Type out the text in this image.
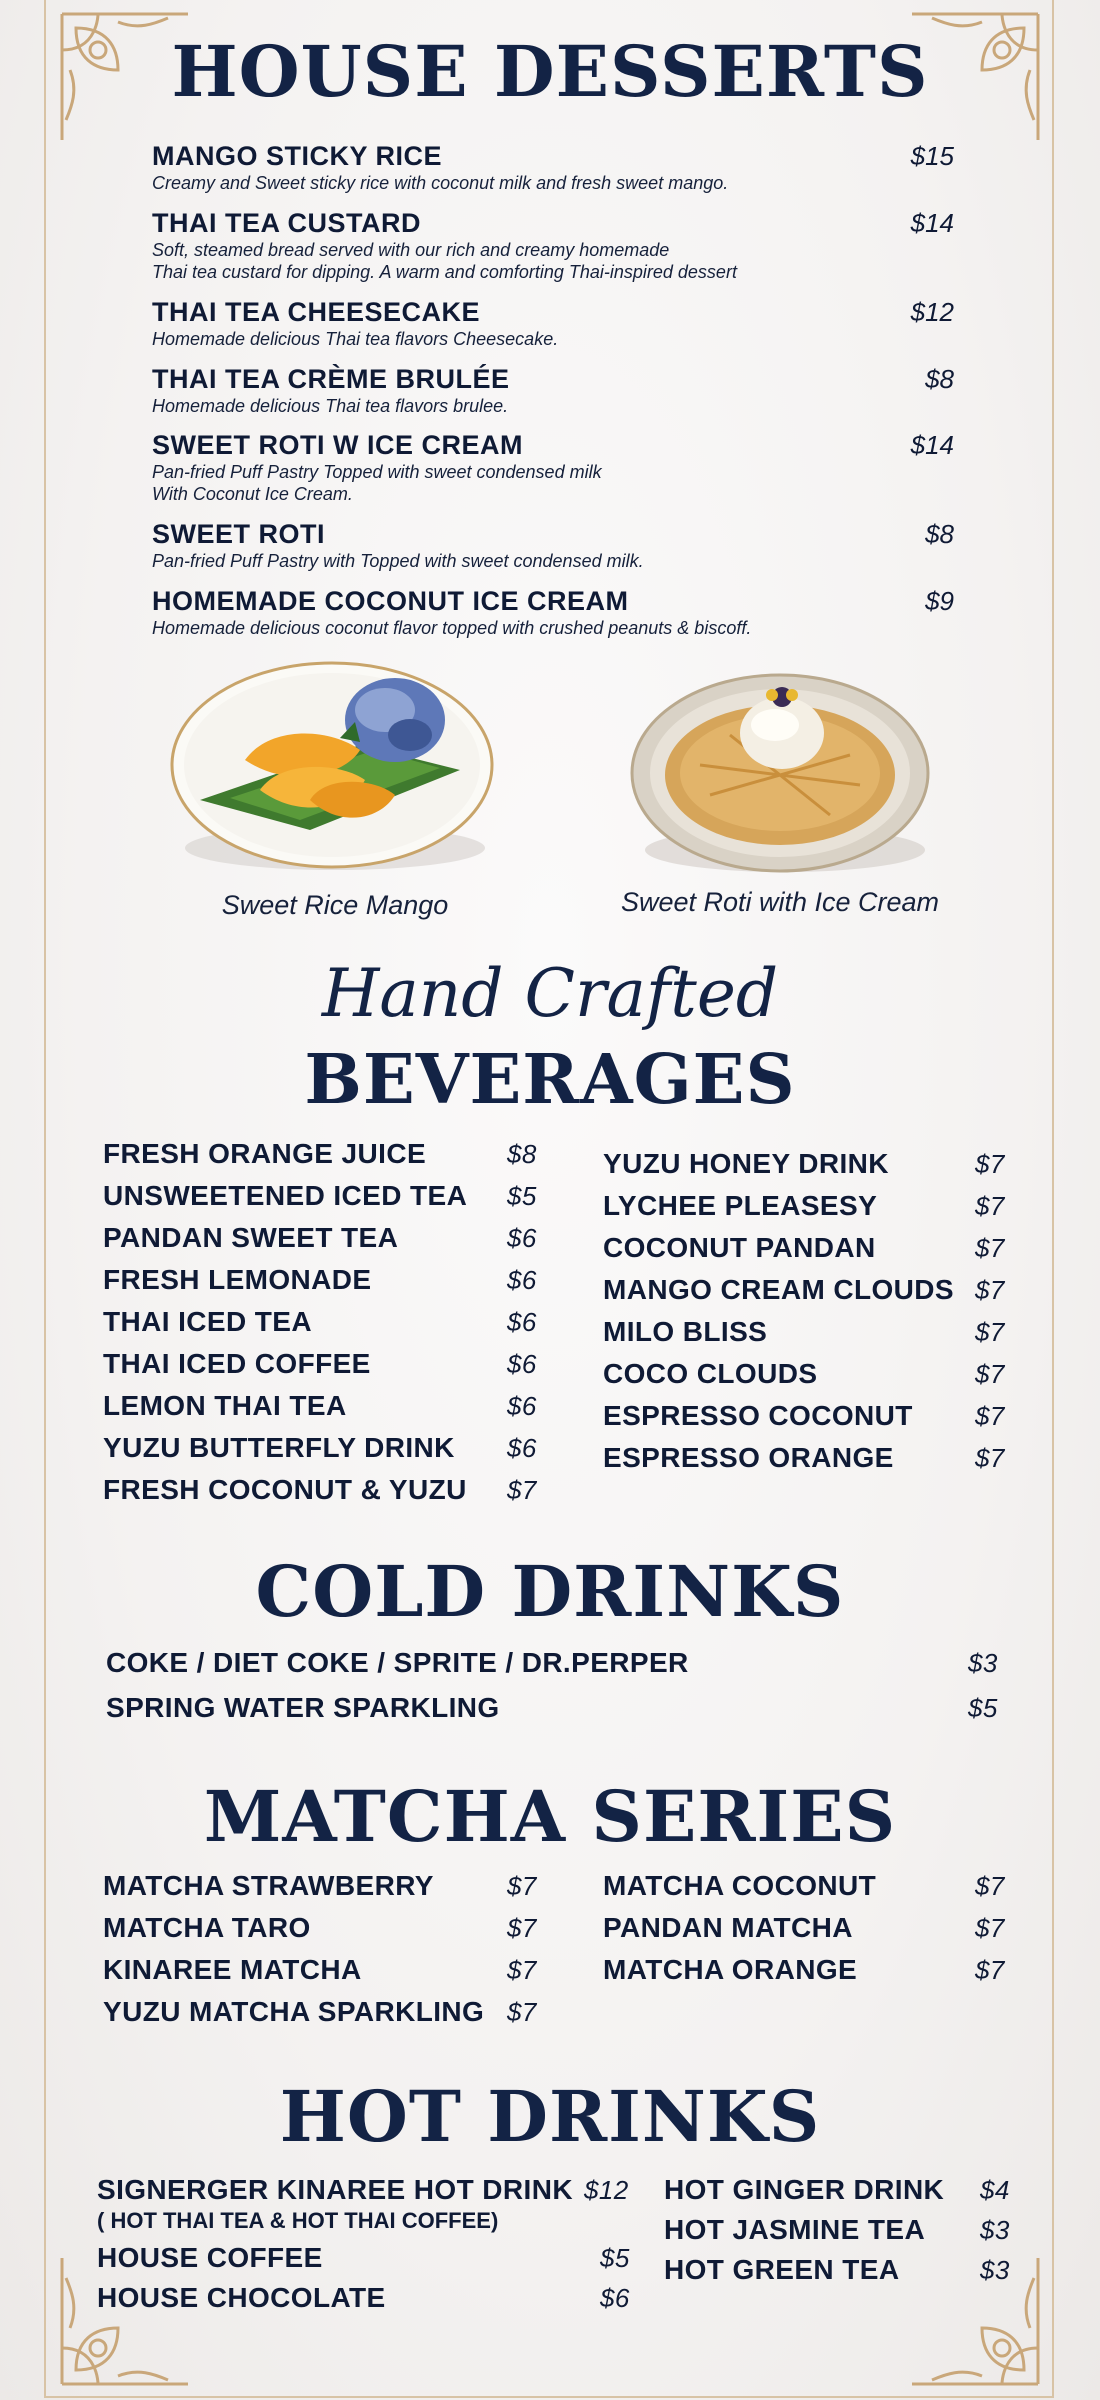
HOUSE DESSERTS
MANGO STICKY RICE	$15
Creamy and Sweet sticky rice with coconut milk and fresh sweet mango.
THAI TEA CUSTARD	$14
Soft, steamed bread served with our rich and creamy homemade
Thai tea custard for dipping. A warm and comforting Thai-inspired dessert
THAI TEA CHEESECAKE	$12
Homemade delicious Thai tea flavors Cheesecake.
THAI TEA CRÈME BRULÉE	$8
Homemade delicious Thai tea flavors brulee.
SWEET ROTI W ICE CREAM	$14
Pan-fried Puff Pastry Topped with sweet condensed milk
With Coconut Ice Cream.
SWEET ROTI	$8
Pan-fried Puff Pastry with Topped with sweet condensed milk.
HOMEMADE COCONUT ICE CREAM	$9
Homemade delicious coconut flavor topped with crushed peanuts & biscoff.
Sweet Rice Mango	Sweet Roti with Ice Cream
Hand Crafted
BEVERAGES
FRESH ORANGE JUICE	$8
UNSWEETENED ICED TEA $5
PANDAN SWEET TEA	$6
FRESH LEMONADE	$6
THAI ICED TEA	$6
THAI ICED COFFEE	$6
LEMON THAI TEA	$6
YUZU BUTTERFLY DRINK $6
FRESH COCONUT & YUZU $7
YUZU HONEY DRINK	$7
LYCHEE PLEASESY	$7
COCONUT PANDAN	$7
MANGO CREAM CLOUDS $7
MILO BLISS	$7
COCO CLOUDS	$7
ESPRESSO COCONUT $7
ESPRESSO ORANGE	$7
COLD DRINKS
COKE / DIET COKE / SPRITE / DR.PERPER	$3
SPRING WATER SPARKLING	$5
MATCHA SERIES
MATCHA STRAWBERRY	$7
MATCHA TARO	$7
KINAREE MATCHA	$7
YUZU MATCHA SPARKLING $7
MATCHA COCONUT	$7
PANDAN MATCHA	$7
MATCHA ORANGE	$7
HOT DRINKS
SIGNERGER KINAREE HOT DRINK $12
( HOT THAI TEA & HOT THAI COFFEE)
HOUSE COFFEE	$5
HOUSE CHOCOLATE	$6
HOT GINGER DRINK $4
HOT JASMINE TEA $3
HOT GREEN TEA	$3
